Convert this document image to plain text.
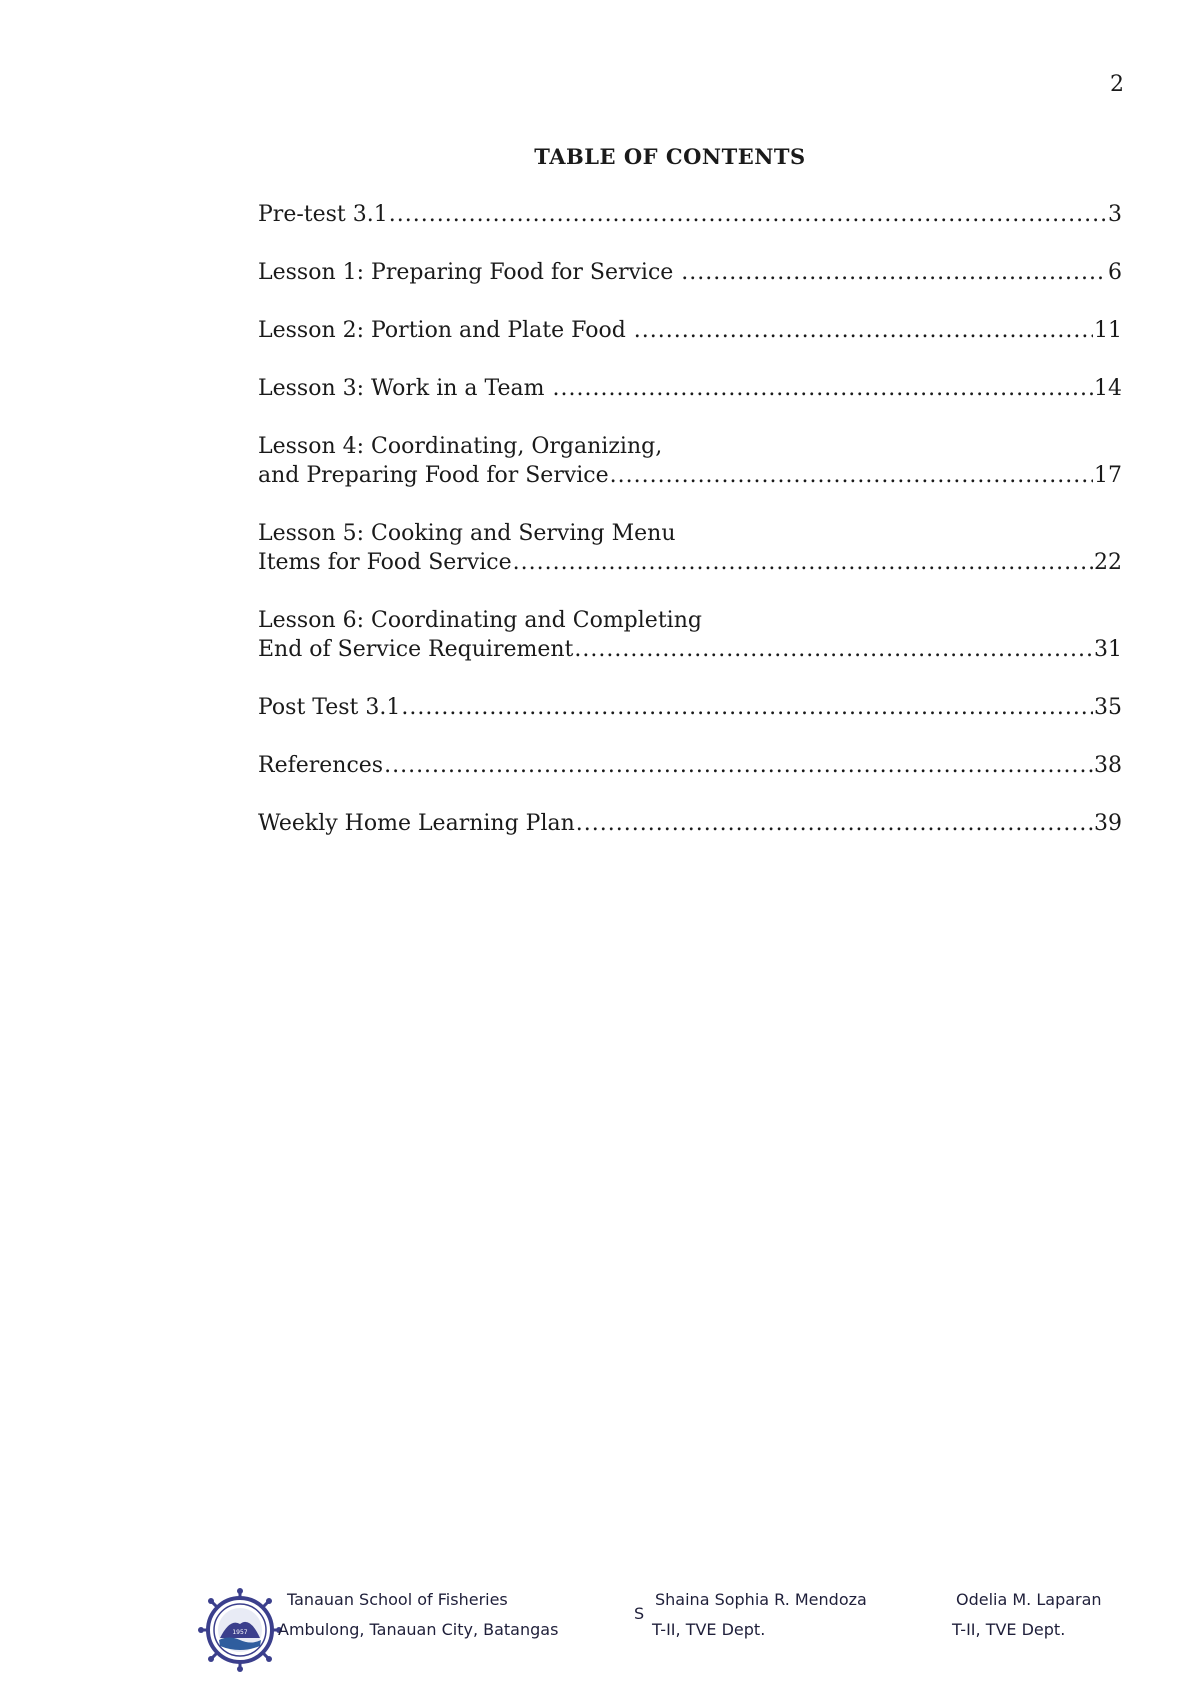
2
TABLE OF CONTENTS
Pre-test 3.1 .....	3
Lesson 1: Preparing Food for Service .....	6
Lesson 2: Portion and Plate Food .....	11
Lesson 3: Work in a Team .....	14
Lesson 4: Coordinating, Organizing,
and Preparing Food for Service .....	17
Lesson 5: Cooking and Serving Menu
Items for Food Service .....	22
Lesson 6: Coordinating and Completing
End of Service Requirement .....	31
Post Test 3.1 .....	35
References .....	38
Weekly Home Learning Plan .....	39
1957
Tanauan School of Fisheries
Ambulong, Tanauan City, Batangas
S
Shaina Sophia R. Mendoza
T-II, TVE Dept.
Odelia M. Laparan
T-II, TVE Dept.
